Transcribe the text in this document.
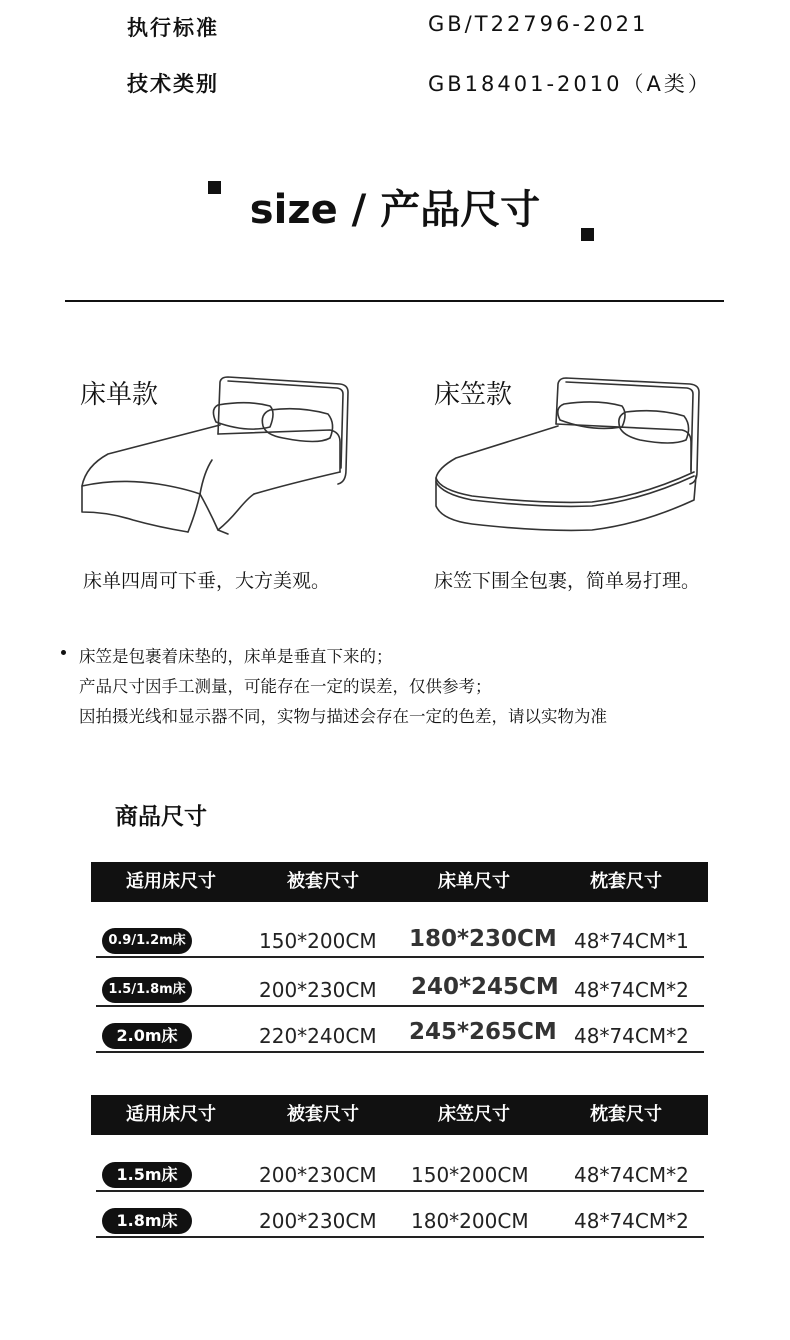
执行标准	GB/T22796-2021
技术类别	GB18401-2010（A类）
size / 产品尺寸
床单款	床笠款
床单四周可下垂，大方美观。	床笠下围全包裹，简单易打理。
床笠是包裹着床垫的，床单是垂直下来的；
产品尺寸因手工测量，可能存在一定的误差，仅供参考；
因拍摄光线和显示器不同，实物与描述会存在一定的色差，请以实物为准
商品尺寸
适用床尺寸	被套尺寸	床单尺寸	枕套尺寸
0.9/1.2m床	150*200CM 180*230CM 48*74CM*1
1.5/1.8m床	200*230CM 240*245CM 48*74CM*2
2.0m床	220*240CM 245*265CM 48*74CM*2
适用床尺寸	被套尺寸	床笠尺寸	枕套尺寸
1.5m床	200*230CM 150*200CM 48*74CM*2
1.8m床	200*230CM 180*200CM 48*74CM*2
